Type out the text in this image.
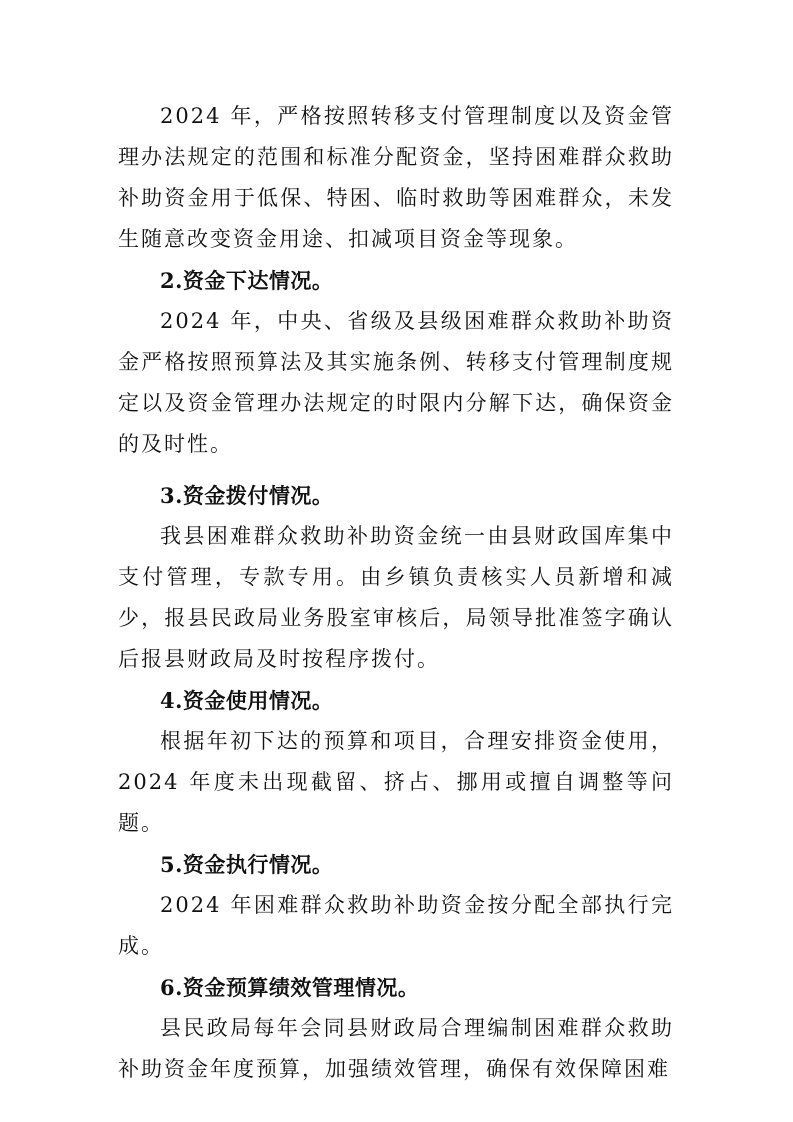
2024 年，严格按照转移支付管理制度以及资金管理办法规定的范围和标准分配资金，坚持困难群众救助补助资金用于低保、特困、临时救助等困难群众，未发生随意改变资金用途、扣减项目资金等现象。

2.资金下达情况。

2024 年，中央、省级及县级困难群众救助补助资金严格按照预算法及其实施条例、转移支付管理制度规定以及资金管理办法规定的时限内分解下达，确保资金的及时性。

3.资金拨付情况。

我县困难群众救助补助资金统一由县财政国库集中支付管理，专款专用。由乡镇负责核实人员新增和减少，报县民政局业务股室审核后，局领导批准签字确认后报县财政局及时按程序拨付。

4.资金使用情况。

根据年初下达的预算和项目，合理安排资金使用，2024 年度未出现截留、挤占、挪用或擅自调整等问题。

5.资金执行情况。

2024 年困难群众救助补助资金按分配全部执行完成。

6.资金预算绩效管理情况。

县民政局每年会同县财政局合理编制困难群众救助补助资金年度预算，加强绩效管理，确保有效保障困难
